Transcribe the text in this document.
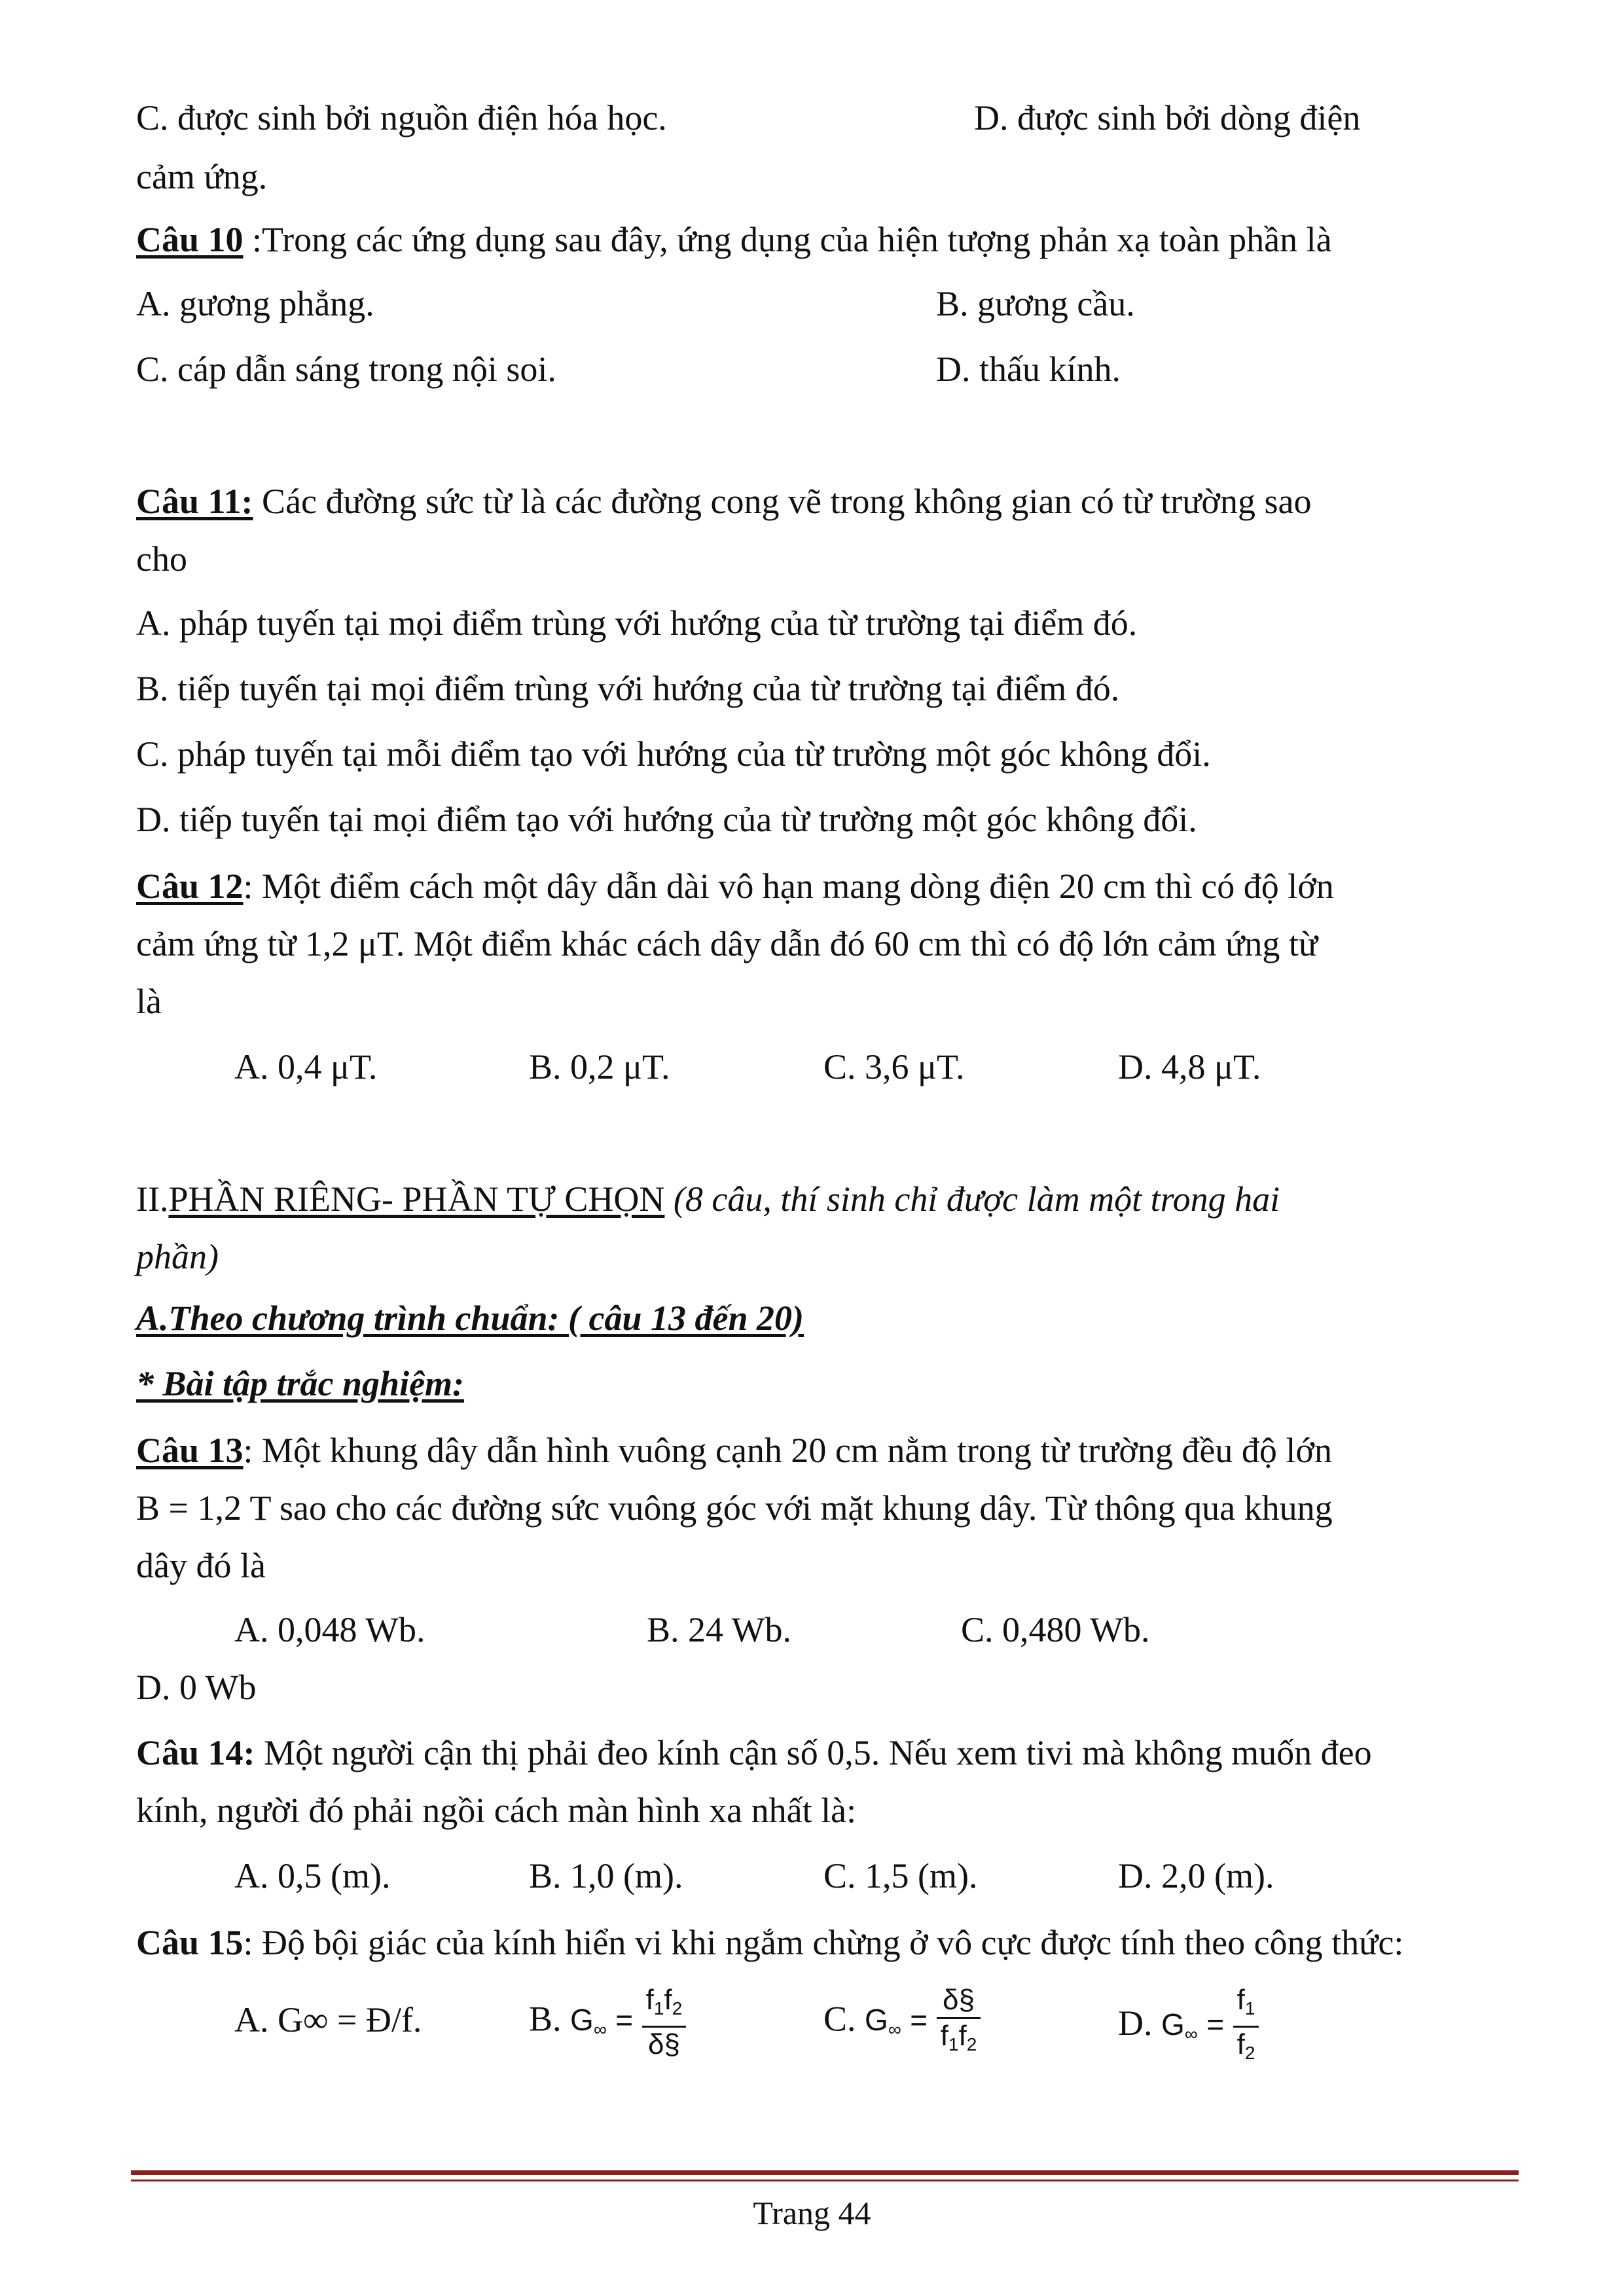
C. được sinh bởi nguồn điện hóa học.	D. được sinh bởi dòng điện
cảm ứng.
Câu 10 :Trong các ứng dụng sau đây, ứng dụng của hiện tượng phản xạ toàn phần là
A. gương phẳng.	B. gương cầu.
C. cáp dẫn sáng trong nội soi.	D. thấu kính.
Câu 11: Các đường sức từ là các đường cong vẽ trong không gian có từ trường sao
cho
A. pháp tuyến tại mọi điểm trùng với hướng của từ trường tại điểm đó.
B. tiếp tuyến tại mọi điểm trùng với hướng của từ trường tại điểm đó.
C. pháp tuyến tại mỗi điểm tạo với hướng của từ trường một góc không đổi.
D. tiếp tuyến tại mọi điểm tạo với hướng của từ trường một góc không đổi.
Câu 12: Một điểm cách một dây dẫn dài vô hạn mang dòng điện 20 cm thì có độ lớn
cảm ứng từ 1,2 μT. Một điểm khác cách dây dẫn đó 60 cm thì có độ lớn cảm ứng từ
là
A. 0,4 μT.	B. 0,2 μT.	C. 3,6 μT.	D. 4,8 μT.
II.PHẦN RIÊNG- PHẦN TỰ CHỌN (8 câu, thí sinh chỉ được làm một trong hai
phần)
A.Theo chương trình chuẩn: ( câu 13 đến 20)
* Bài tập trắc nghiệm:
Câu 13: Một khung dây dẫn hình vuông cạnh 20 cm nằm trong từ trường đều độ lớn
B = 1,2 T sao cho các đường sức vuông góc với mặt khung dây. Từ thông qua khung
dây đó là
A. 0,048 Wb.	B. 24 Wb.	C. 0,480 Wb.
D. 0 Wb
Câu 14: Một người cận thị phải đeo kính cận số 0,5. Nếu xem tivi mà không muốn đeo
kính, người đó phải ngồi cách màn hình xa nhất là:
A. 0,5 (m).	B. 1,0 (m).	C. 1,5 (m).	D. 2,0 (m).
Câu 15: Độ bội giác của kính hiển vi khi ngắm chừng ở vô cực được tính theo công thức:
A. G∞ = Đ/f.	B. $G_\infty = \frac{f_1f_2}{\delta\S}$	C. $G_\infty = \frac{\delta\S}{f_1f_2}$	D. $G_\infty = \frac{f_1}{f_2}$
Trang 44
